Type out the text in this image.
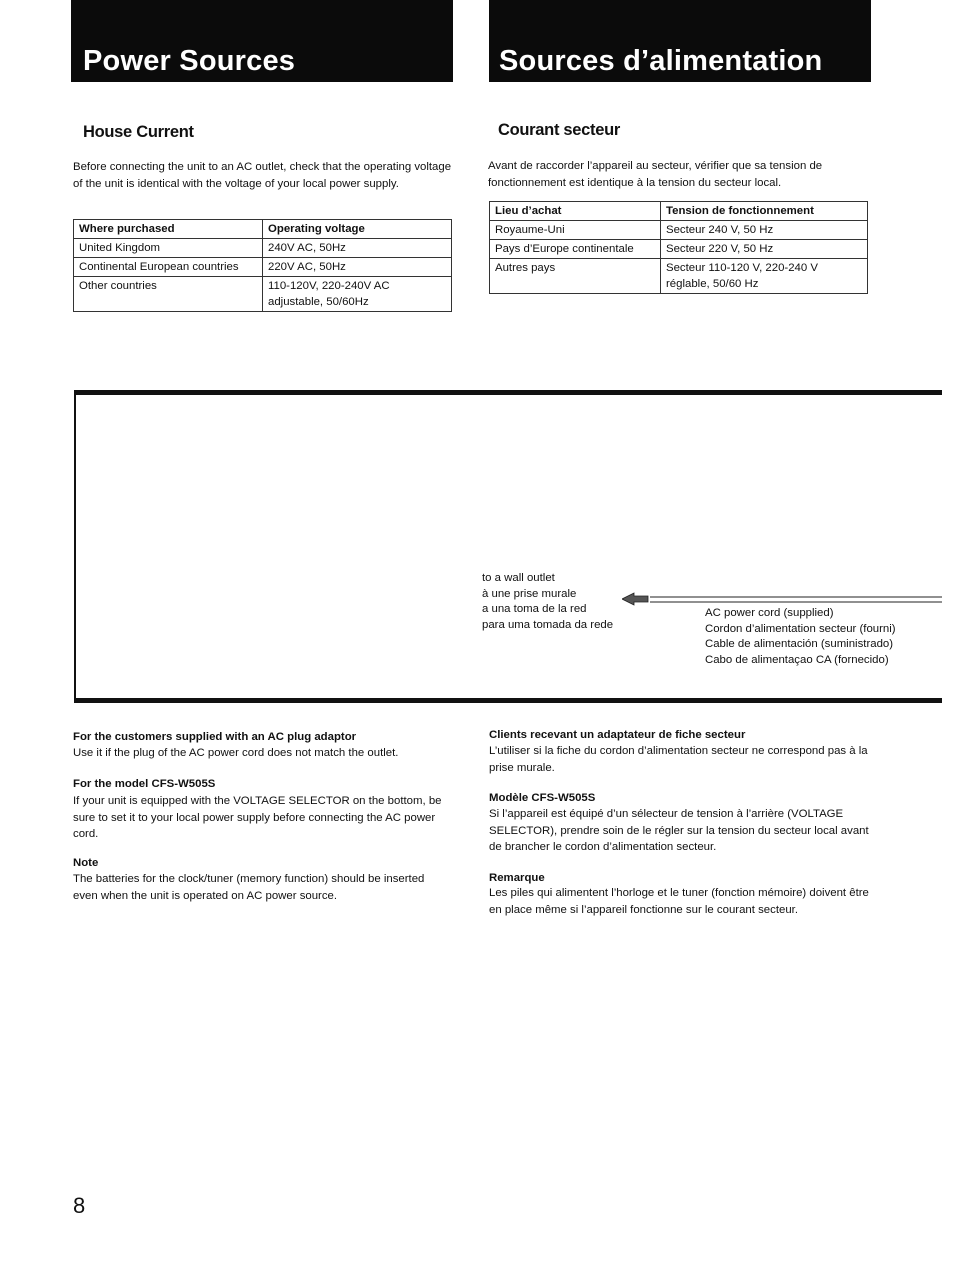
Power Sources
House Current

Before connecting the unit to an AC outlet, check that the operating voltage of the unit is identical with the voltage of your local power supply.

Where purchased	Operating voltage
United Kingdom	240V AC, 50Hz
Continental European countries	220V AC, 50Hz
Other countries	110-120V, 220-240V AC adjustable, 50/60Hz
Sources d’alimentation
Courant secteur

Avant de raccorder l’appareil au secteur, vérifier que sa tension de fonctionnement est identique à la tension du secteur local.

Lieu d’achat	Tension de fonctionnement
Royaume-Uni	Secteur 240 V, 50 Hz
Pays d’Europe continentale	Secteur 220 V, 50 Hz
Autres pays	Secteur 110-120 V, 220-240 V réglable, 50/60 Hz
to a wall outlet
à une prise murale
a una toma de la red
para uma tomada da rede
AC power cord (supplied)
Cordon d’alimentation secteur (fourni)
Cable de alimentación (suministrado)
Cabo de alimentaçao CA (fornecido)
For the customers supplied with an AC plug adaptor

Use it if the plug of the AC power cord does not match the outlet.

For the model CFS-W505S

If your unit is equipped with the VOLTAGE SELECTOR on the bottom, be sure to set it to your local power supply before connecting the AC power cord.

Note

The batteries for the clock/tuner (memory function) should be inserted even when the unit is operated on AC power source.

Clients recevant un adaptateur de fiche secteur

L’utiliser si la fiche du cordon d’alimentation secteur ne correspond pas à la prise murale.

Modèle CFS-W505S

Si l’appareil est équipé d’un sélecteur de tension à l’arrière (VOLTAGE SELECTOR), prendre soin de le régler sur la tension du secteur local avant de brancher le cordon d’alimentation secteur.

Remarque

Les piles qui alimentent l’horloge et le tuner (fonction mémoire) doivent être en place même si l’appareil fonctionne sur le courant secteur.

8
